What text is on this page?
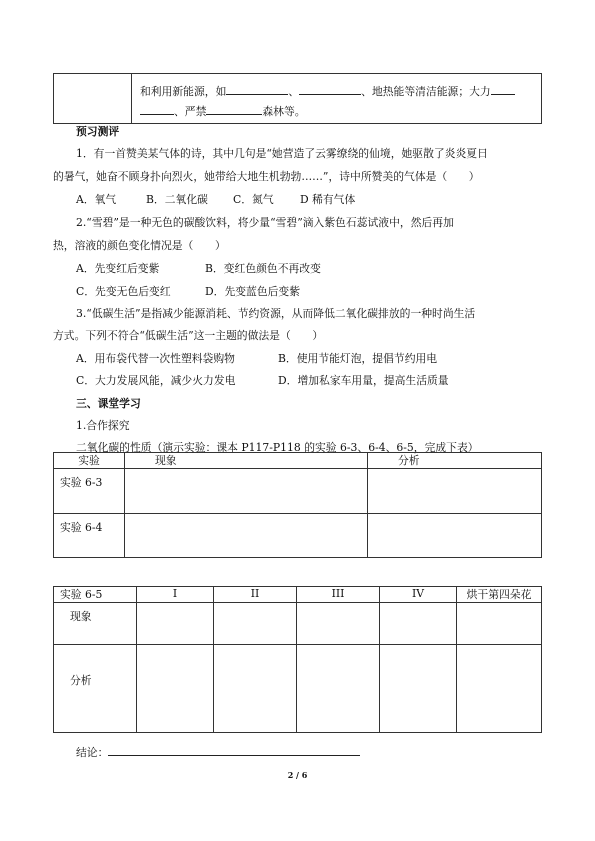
和利用新能源，如	、	、地热能等清洁能源；大力
、严禁	森林等。
预习测评
1．有一首赞美某气体的诗，其中几句是“她营造了云雾缭绕的仙境，她驱散了炎炎夏日
的暑气，她奋不顾身扑向烈火，她带给大地生机勃勃……”，诗中所赞美的气体是（　　）
A．氧气	B．二氧化碳 C．氮气 D 稀有气体
2.“雪碧”是一种无色的碳酸饮料，将少量“雪碧”滴入紫色石蕊试液中，然后再加
热，溶液的颜色变化情况是（　　）
A．先变红后变紫	B．变红色颜色不再改变
C．先变无色后变红	D．先变蓝色后变紫
3.“低碳生活”是指减少能源消耗、节约资源，从而降低二氧化碳排放的一种时尚生活
方式。下列不符合“低碳生活”这一主题的做法是（　　）
A．用布袋代替一次性塑料袋购物	B．使用节能灯泡，提倡节约用电
C．大力发展风能，减少火力发电	D．增加私家车用量，提高生活质量
三、课堂学习
1.合作探究
二氧化碳的性质（演示实验：课本 P117-P118 的实验 6-3、6-4、6-5，完成下表）
实验	现象	分析
实验 6-3		
实验 6-4		
实验 6-5	I	II	III	IV	烘干第四朵花
现象					
分析					
结论：
2 / 6
